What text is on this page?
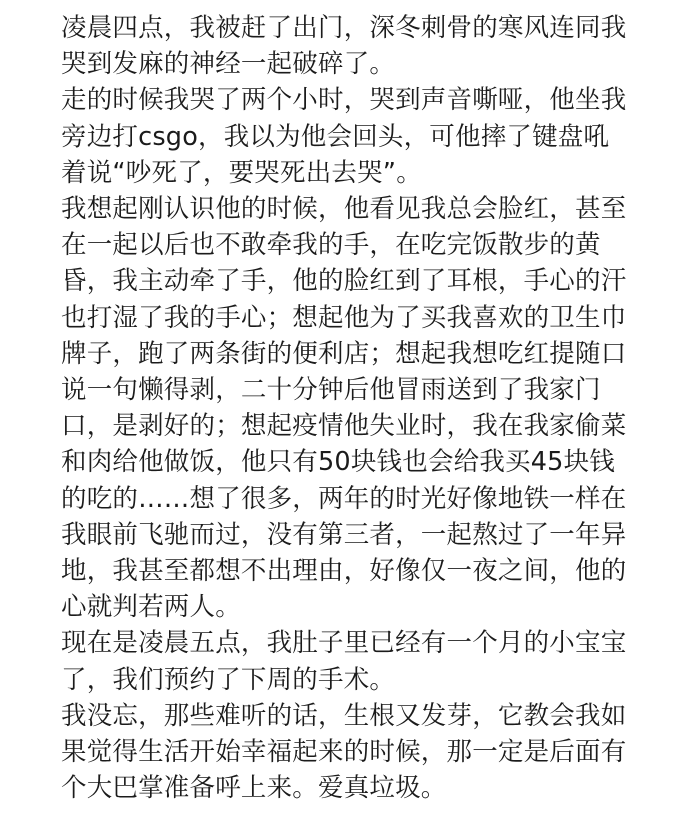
凌晨四点，我被赶了出门，深冬刺骨的寒风连同我哭到发麻的神经一起破碎了。

走的时候我哭了两个小时，哭到声音嘶哑，他坐我旁边打csgo，我以为他会回头，可他摔了键盘吼着说“吵死了，要哭死出去哭”。

我想起刚认识他的时候，他看见我总会脸红，甚至在一起以后也不敢牵我的手，在吃完饭散步的黄昏，我主动牵了手，他的脸红到了耳根，手心的汗也打湿了我的手心；想起他为了买我喜欢的卫生巾牌子，跑了两条街的便利店；想起我想吃红提随口说一句懒得剥，二十分钟后他冒雨送到了我家门口，是剥好的；想起疫情他失业时，我在我家偷菜和肉给他做饭，他只有50块钱也会给我买45块钱的吃的……想了很多，两年的时光好像地铁一样在我眼前飞驰而过，没有第三者，一起熬过了一年异地，我甚至都想不出理由，好像仅一夜之间，他的心就判若两人。

现在是凌晨五点，我肚子里已经有一个月的小宝宝了，我们预约了下周的手术。

我没忘，那些难听的话，生根又发芽，它教会我如果觉得生活开始幸福起来的时候，那一定是后面有个大巴掌准备呼上来。爱真垃圾。
